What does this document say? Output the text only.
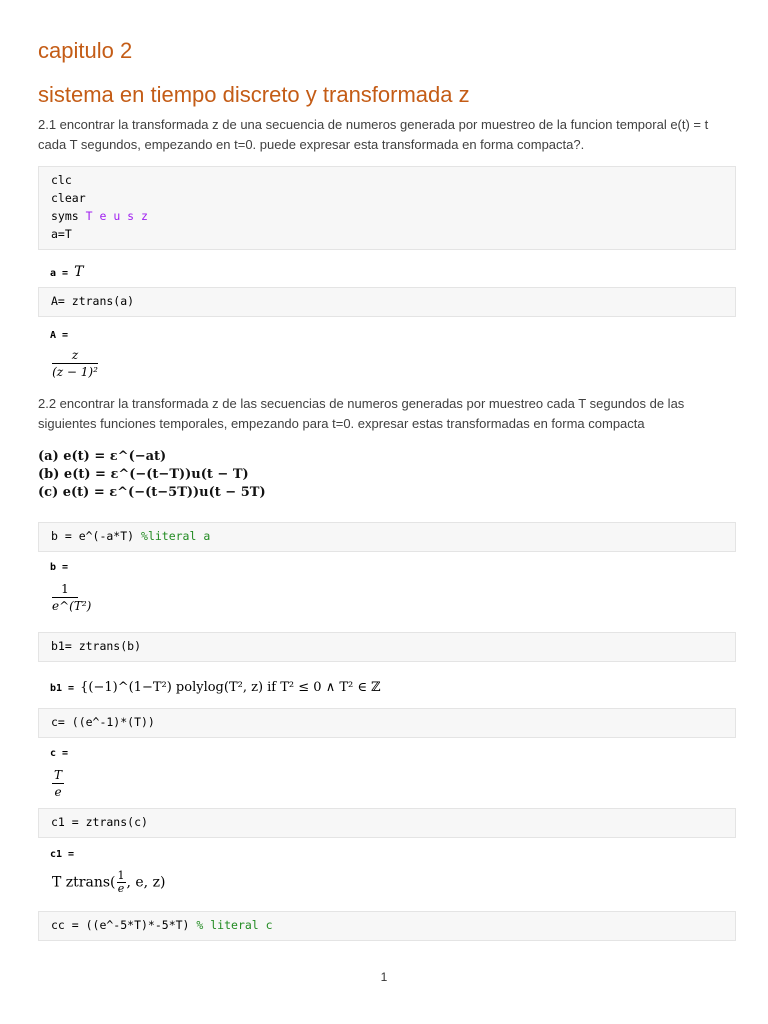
capitulo 2
sistema en tiempo discreto y transformada z

2.1 encontrar la transformada z de una secuencia de numeros generada por muestreo de la funcion temporal e(t) = t cada T segundos, empezando en t=0. puede expresar esta transformada en forma compacta?.

clc
clear
syms T e u s z
a=T
a = T
A= ztrans(a)
A =
z
(z − 1)²

2.2 encontrar la transformada z de las secuencias de numeros generadas por muestreo cada T segundos de las siguientes funciones temporales, empezando para t=0. expresar estas transformadas en forma compacta

(a) e(t) = ε^(−at)
(b) e(t) = ε^(−(t−T))u(t − T)
(c) e(t) = ε^(−(t−5T))u(t − 5T)
b = e^(-a*T) %literal a
b =
1
e^(T²)
b1= ztrans(b)
b1 = {(−1)^(1−T²) polylog(T², z) if T² ≤ 0 ∧ T² ∈ ℤ
c= ((e^-1)*(T))
c =
T
e
c1 = ztrans(c)
c1 =
T ztrans( $\frac{1}{e}$ , e, z)
cc = ((e^-5*T)*-5*T) % literal c
1
